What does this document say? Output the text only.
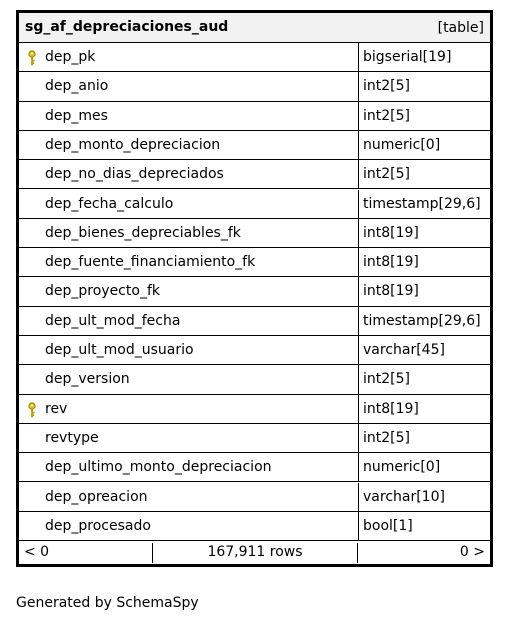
sg_af_depreciaciones_aud	[table]
dep_pk	bigserial[19]
dep_anio	int2[5]
dep_mes	int2[5]
dep_monto_depreciacion	numeric[0]
dep_no_dias_depreciados	int2[5]
dep_fecha_calculo	timestamp[29,6]
dep_bienes_depreciables_fk	int8[19]
dep_fuente_financiamiento_fk	int8[19]
dep_proyecto_fk	int8[19]
dep_ult_mod_fecha	timestamp[29,6]
dep_ult_mod_usuario	varchar[45]
dep_version	int2[5]
rev	int8[19]
revtype	int2[5]
dep_ultimo_monto_depreciacion	numeric[0]
dep_opreacion	varchar[10]
dep_procesado	bool[1]
< 0	167,911 rows	0 >
Generated by SchemaSpy
